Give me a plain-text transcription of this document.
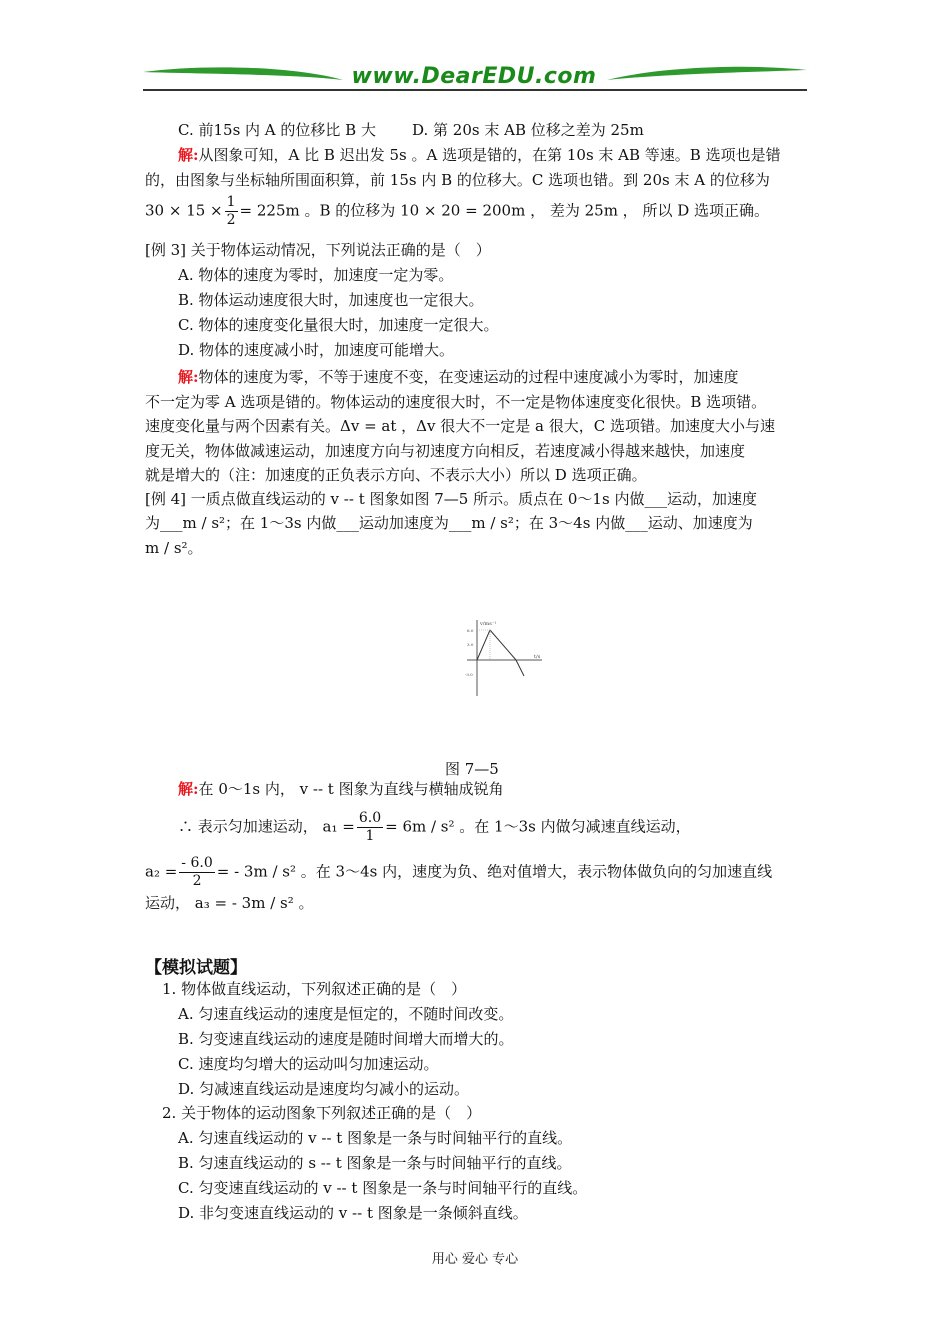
www.DearEDU.com
C. 前15s 内 A 的位移比 B 大 D. 第 20s 末 AB 位移之差为 25m
解:从图象可知，A 比 B 迟出发 5s 。A 选项是错的，在第 10s 末 AB 等速。B 选项也是错
的，由图象与坐标轴所围面积算，前 15s 内 B 的位移大。C 选项也错。到 20s 末 A 的位移为
$30 \times 15 \times \frac{1}{2} = 225m$ 。B 的位移为 10 × 20 = 200m ， 差为 25m ， 所以 D 选项正确。
[例 3] 关于物体运动情况，下列说法正确的是（　）
A. 物体的速度为零时，加速度一定为零。
B. 物体运动速度很大时，加速度也一定很大。
C. 物体的速度变化量很大时，加速度一定很大。
D. 物体的速度减小时，加速度可能增大。
解:物体的速度为零，不等于速度不变，在变速运动的过程中速度减小为零时，加速度
不一定为零 A 选项是错的。物体运动的速度很大时，不一定是物体速度变化很快。B 选项错。
速度变化量与两个因素有关。Δv = at ，Δv 很大不一定是 a 很大，C 选项错。加速度大小与速
度无关，物体做减速运动，加速度方向与初速度方向相反，若速度减小得越来越快，加速度
就是增大的（注：加速度的正负表示方向、不表示大小）所以 D 选项正确。
[例 4] 一质点做直线运动的 v -- t 图象如图 7—5 所示。质点在 0～1s 内做___运动，加速度
为___m / s²；在 1～3s 内做___运动加速度为___m / s²；在 3～4s 内做___运动、加速度为
m / s²。
v/ms⁻¹
t/s
6.0
3.0
-3.0
图 7—5
解:在 0～1s 内， v -- t 图象为直线与横轴成锐角
∴ 表示匀加速运动， $a_1 = \frac{6.0}{1} = 6m / s^2$ 。在 1～3s 内做匀减速直线运动，
$a_2 = \frac{- 6.0}{2}$ = - 3m / s² 。在 3～4s 内，速度为负、绝对值增大，表示物体做负向的匀加速直线
运动， a₃ = - 3m / s² 。
【模拟试题】
1. 物体做直线运动，下列叙述正确的是（　）
A. 匀速直线运动的速度是恒定的，不随时间改变。
B. 匀变速直线运动的速度是随时间增大而增大的。
C. 速度均匀增大的运动叫匀加速运动。
D. 匀减速直线运动是速度均匀减小的运动。
2. 关于物体的运动图象下列叙述正确的是（　）
A. 匀速直线运动的 v -- t 图象是一条与时间轴平行的直线。
B. 匀速直线运动的 s -- t 图象是一条与时间轴平行的直线。
C. 匀变速直线运动的 v -- t 图象是一条与时间轴平行的直线。
D. 非匀变速直线运动的 v -- t 图象是一条倾斜直线。
用心 爱心 专心
